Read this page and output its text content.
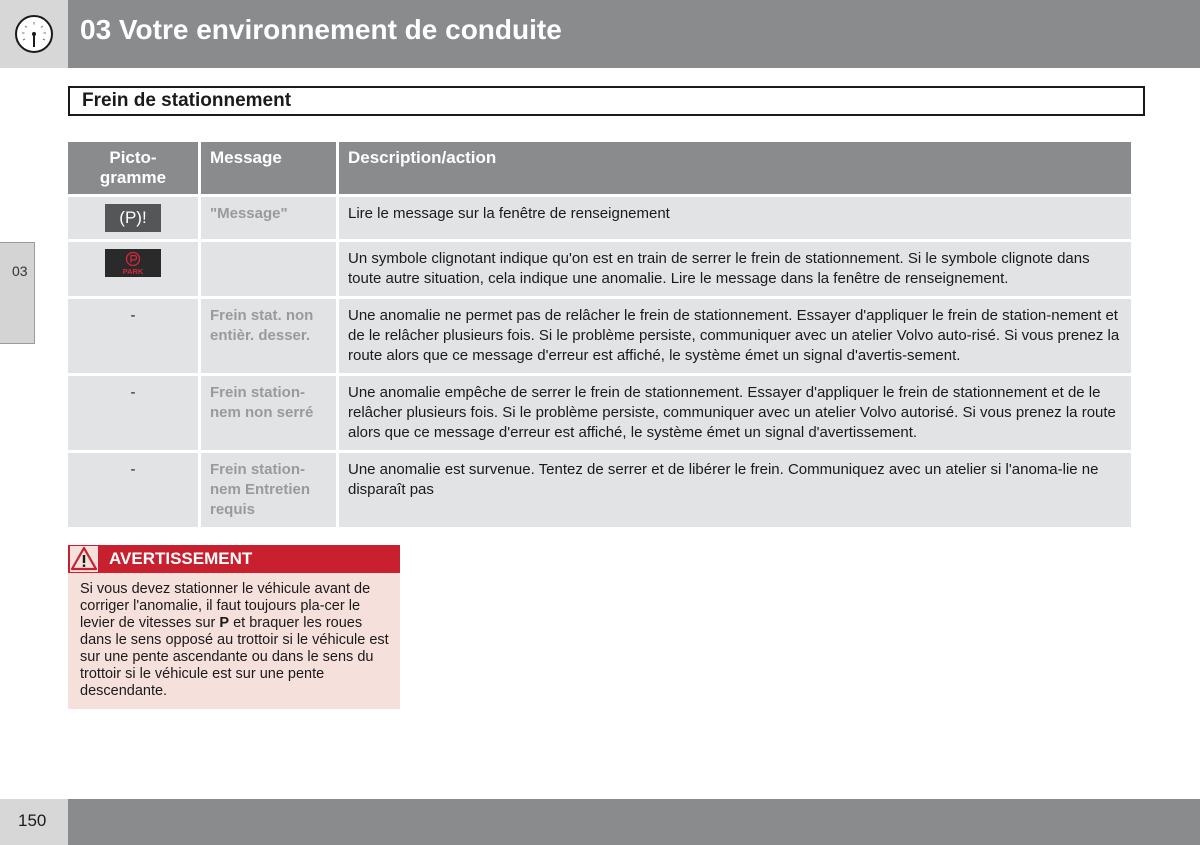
03 Votre environnement de conduite
Frein de stationnement
03
Picto-
gramme	Message	Description/action
(P)!	"Message"	Lire le message sur la fenêtre de renseignement

PARK		Un symbole clignotant indique qu'on est en train de serrer le frein de stationnement. Si le symbole clignote dans toute autre situation, cela indique une anomalie. Lire le message dans la fenêtre de renseignement.
-	Frein stat. non entièr. desser.	Une anomalie ne permet pas de relâcher le frein de stationnement. Essayer d'appliquer le frein de station-nement et de le relâcher plusieurs fois. Si le problème persiste, communiquer avec un atelier Volvo auto-risé. Si vous prenez la route alors que ce message d'erreur est affiché, le système émet un signal d'avertis-sement.
-	Frein station-nem non serré	Une anomalie empêche de serrer le frein de stationnement. Essayer d'appliquer le frein de stationnement et de le relâcher plusieurs fois. Si le problème persiste, communiquer avec un atelier Volvo autorisé. Si vous prenez la route alors que ce message d'erreur est affiché, le système émet un signal d'avertissement.
-	Frein station-nem Entretien requis	Une anomalie est survenue. Tentez de serrer et de libérer le frein. Communiquez avec un atelier si l'anoma-lie ne disparaît pas
AVERTISSEMENT

Si vous devez stationner le véhicule avant de corriger l'anomalie, il faut toujours pla-cer le levier de vitesses sur P et braquer les roues dans le sens opposé au trottoir si le véhicule est sur une pente ascendante ou dans le sens du trottoir si le véhicule est sur une pente descendante.

150
